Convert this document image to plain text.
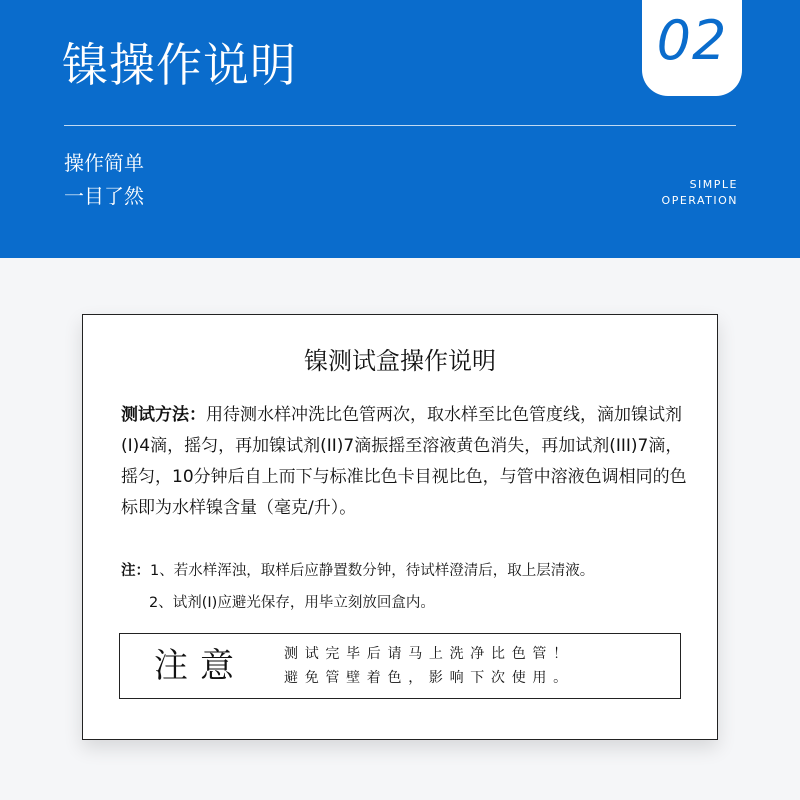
镍操作说明
操作简单
一目了然	SIMPLE
OPERATION
02
镍测试盒操作说明
测试方法：用待测水样冲洗比色管两次，取水样至比色管度线，滴加镍试剂(I)4滴，摇匀，再加镍试剂(II)7滴振摇至溶液黄色消失，再加试剂(III)7滴，摇匀，10分钟后自上而下与标准比色卡目视比色，与管中溶液色调相同的色标即为水样镍含量（毫克/升）。
注：1、若水样浑浊，取样后应静置数分钟，待试样澄清后，取上层清液。
2、试剂(I)应避光保存，用毕立刻放回盒内。
注意	测试完毕后请马上洗净比色管！
避免管壁着色，影响下次使用。
